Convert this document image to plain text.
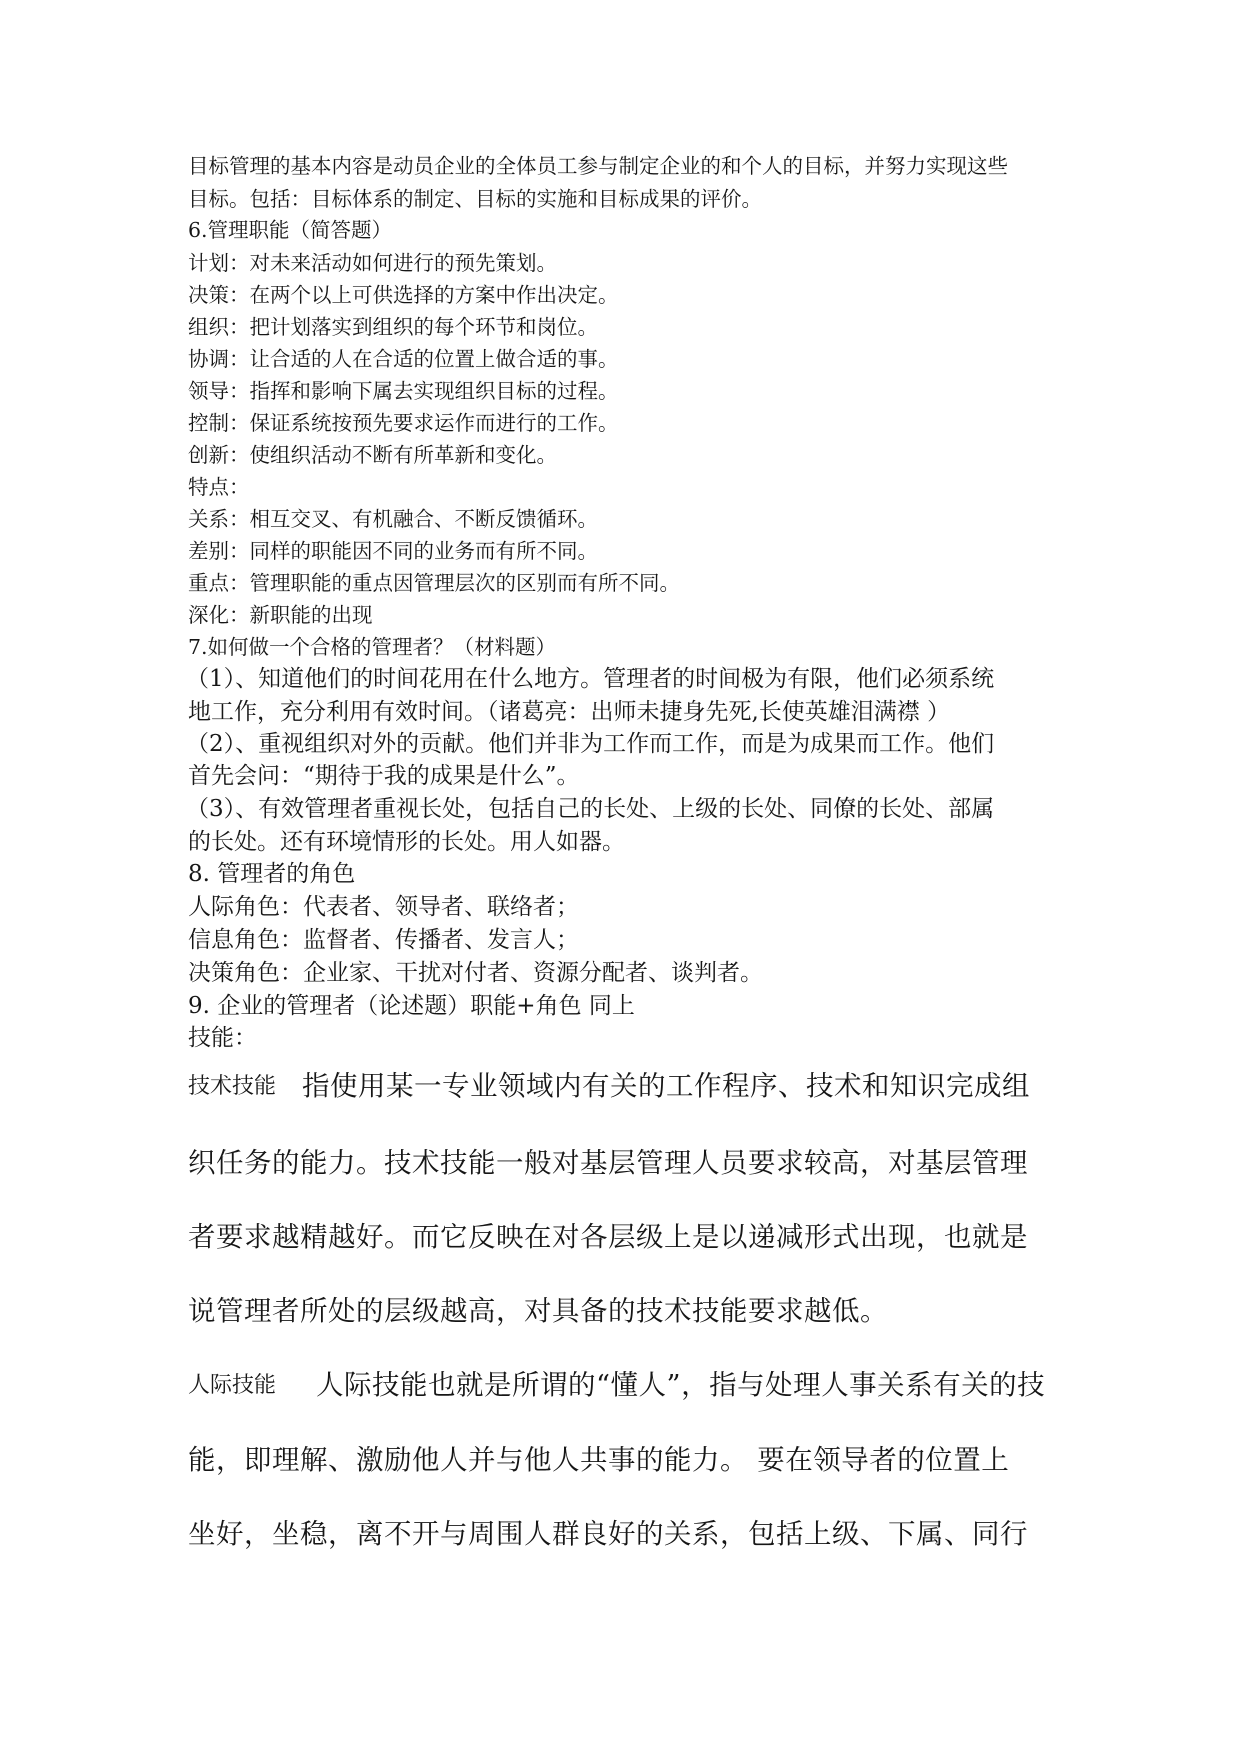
目标管理的基本内容是动员企业的全体员工参与制定企业的和个人的目标，并努力实现这些
目标。包括：目标体系的制定、目标的实施和目标成果的评价。
6.管理职能（简答题）
计划：对未来活动如何进行的预先策划。
决策：在两个以上可供选择的方案中作出决定。
组织：把计划落实到组织的每个环节和岗位。
协调：让合适的人在合适的位置上做合适的事。
领导：指挥和影响下属去实现组织目标的过程。
控制：保证系统按预先要求运作而进行的工作。
创新：使组织活动不断有所革新和变化。
特点：
关系：相互交叉、有机融合、不断反馈循环。
差别：同样的职能因不同的业务而有所不同。
重点：管理职能的重点因管理层次的区别而有所不同。
深化：新职能的出现
7.如何做一个合格的管理者？（材料题）
（1）、知道他们的时间花用在什么地方。管理者的时间极为有限，他们必须系统
地工作，充分利用有效时间。（诸葛亮：出师未捷身先死,长使英雄泪满襟 ）
（2）、重视组织对外的贡献。他们并非为工作而工作，而是为成果而工作。他们
首先会问：“期待于我的成果是什么”。
（3）、有效管理者重视长处，包括自己的长处、上级的长处、同僚的长处、部属
的长处。还有环境情形的长处。用人如器。
8. 管理者的角色
人际角色：代表者、领导者、联络者；
信息角色：监督者、传播者、发言人；
决策角色：企业家、干扰对付者、资源分配者、谈判者。
9. 企业的管理者（论述题）职能+角色 同上
技能：
技术技能 指使用某一专业领域内有关的工作程序、技术和知识完成组
织任务的能力。技术技能一般对基层管理人员要求较高，对基层管理
者要求越精越好。而它反映在对各层级上是以递减形式出现，也就是
说管理者所处的层级越高，对具备的技术技能要求越低。
人际技能 人际技能也就是所谓的“懂人”，指与处理人事关系有关的技
能，即理解、激励他人并与他人共事的能力。 要在领导者的位置上
坐好，坐稳，离不开与周围人群良好的关系，包括上级、下属、同行
